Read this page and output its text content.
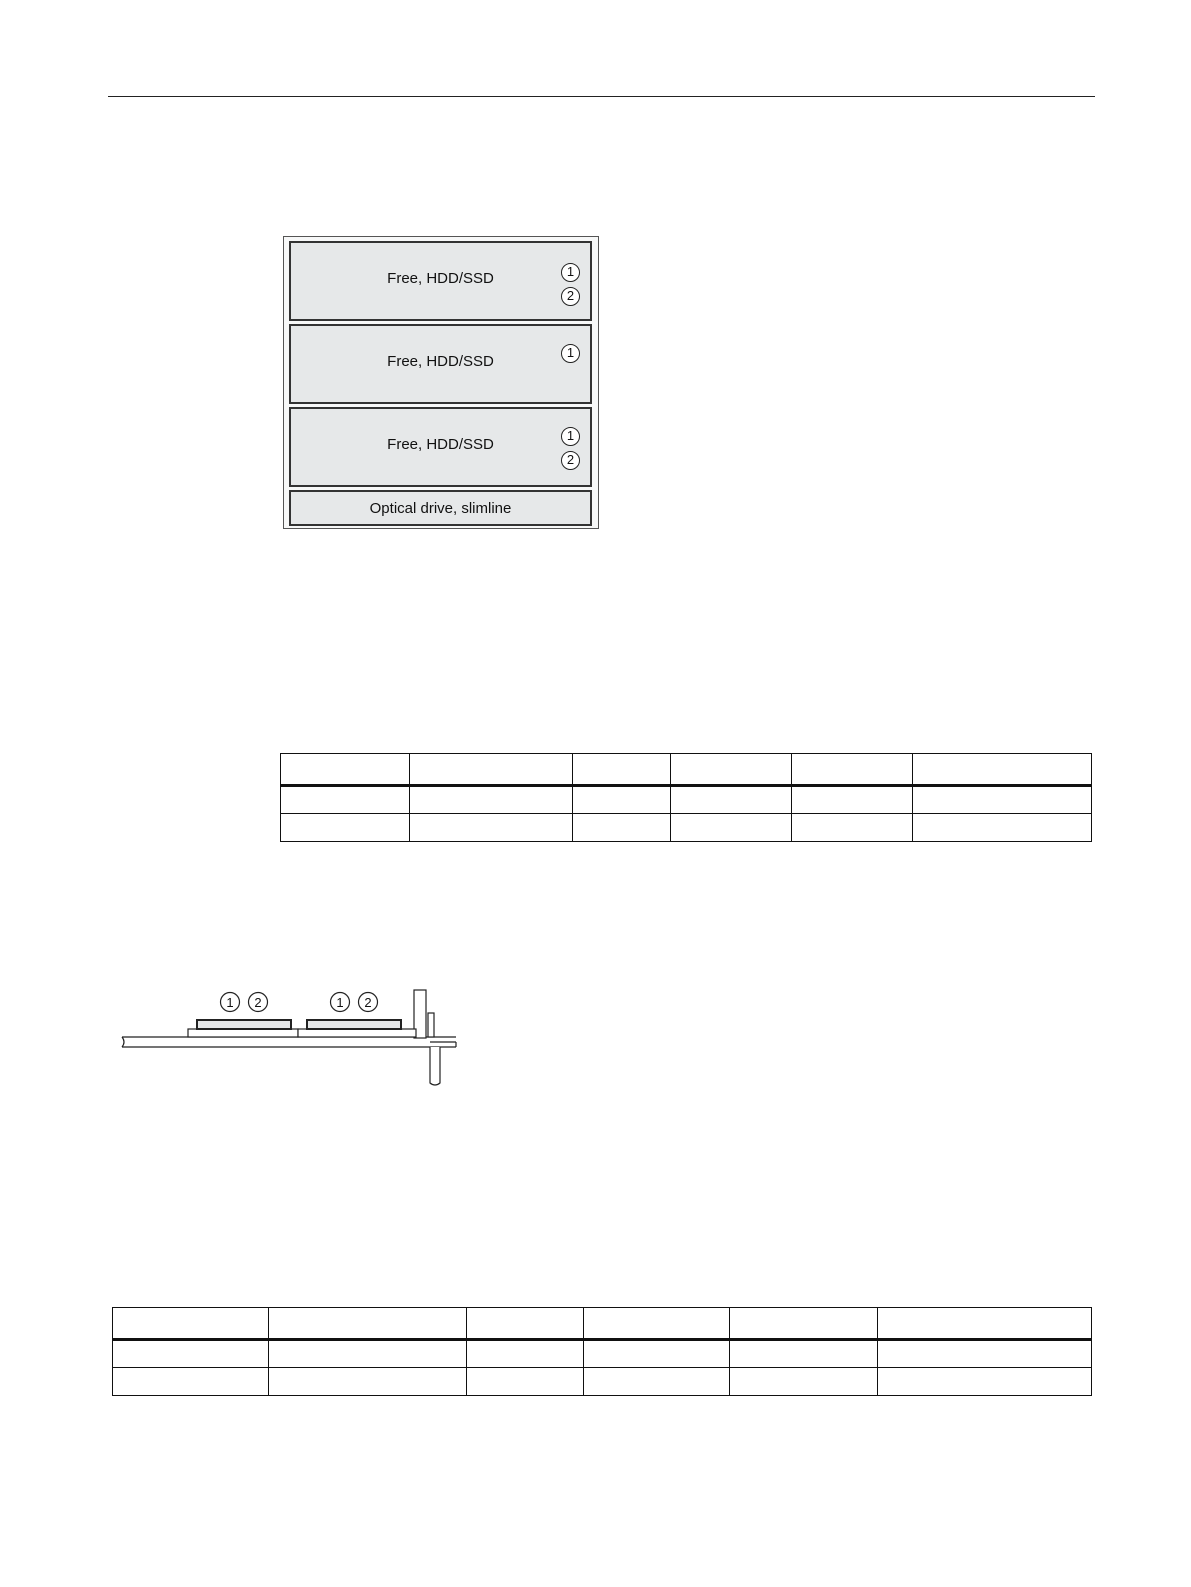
Free, HDD/SSD	1
2
Free, HDD/SSD
1
Free, HDD/SSD
1
2
Optical drive, slimline

1 2	1 2
